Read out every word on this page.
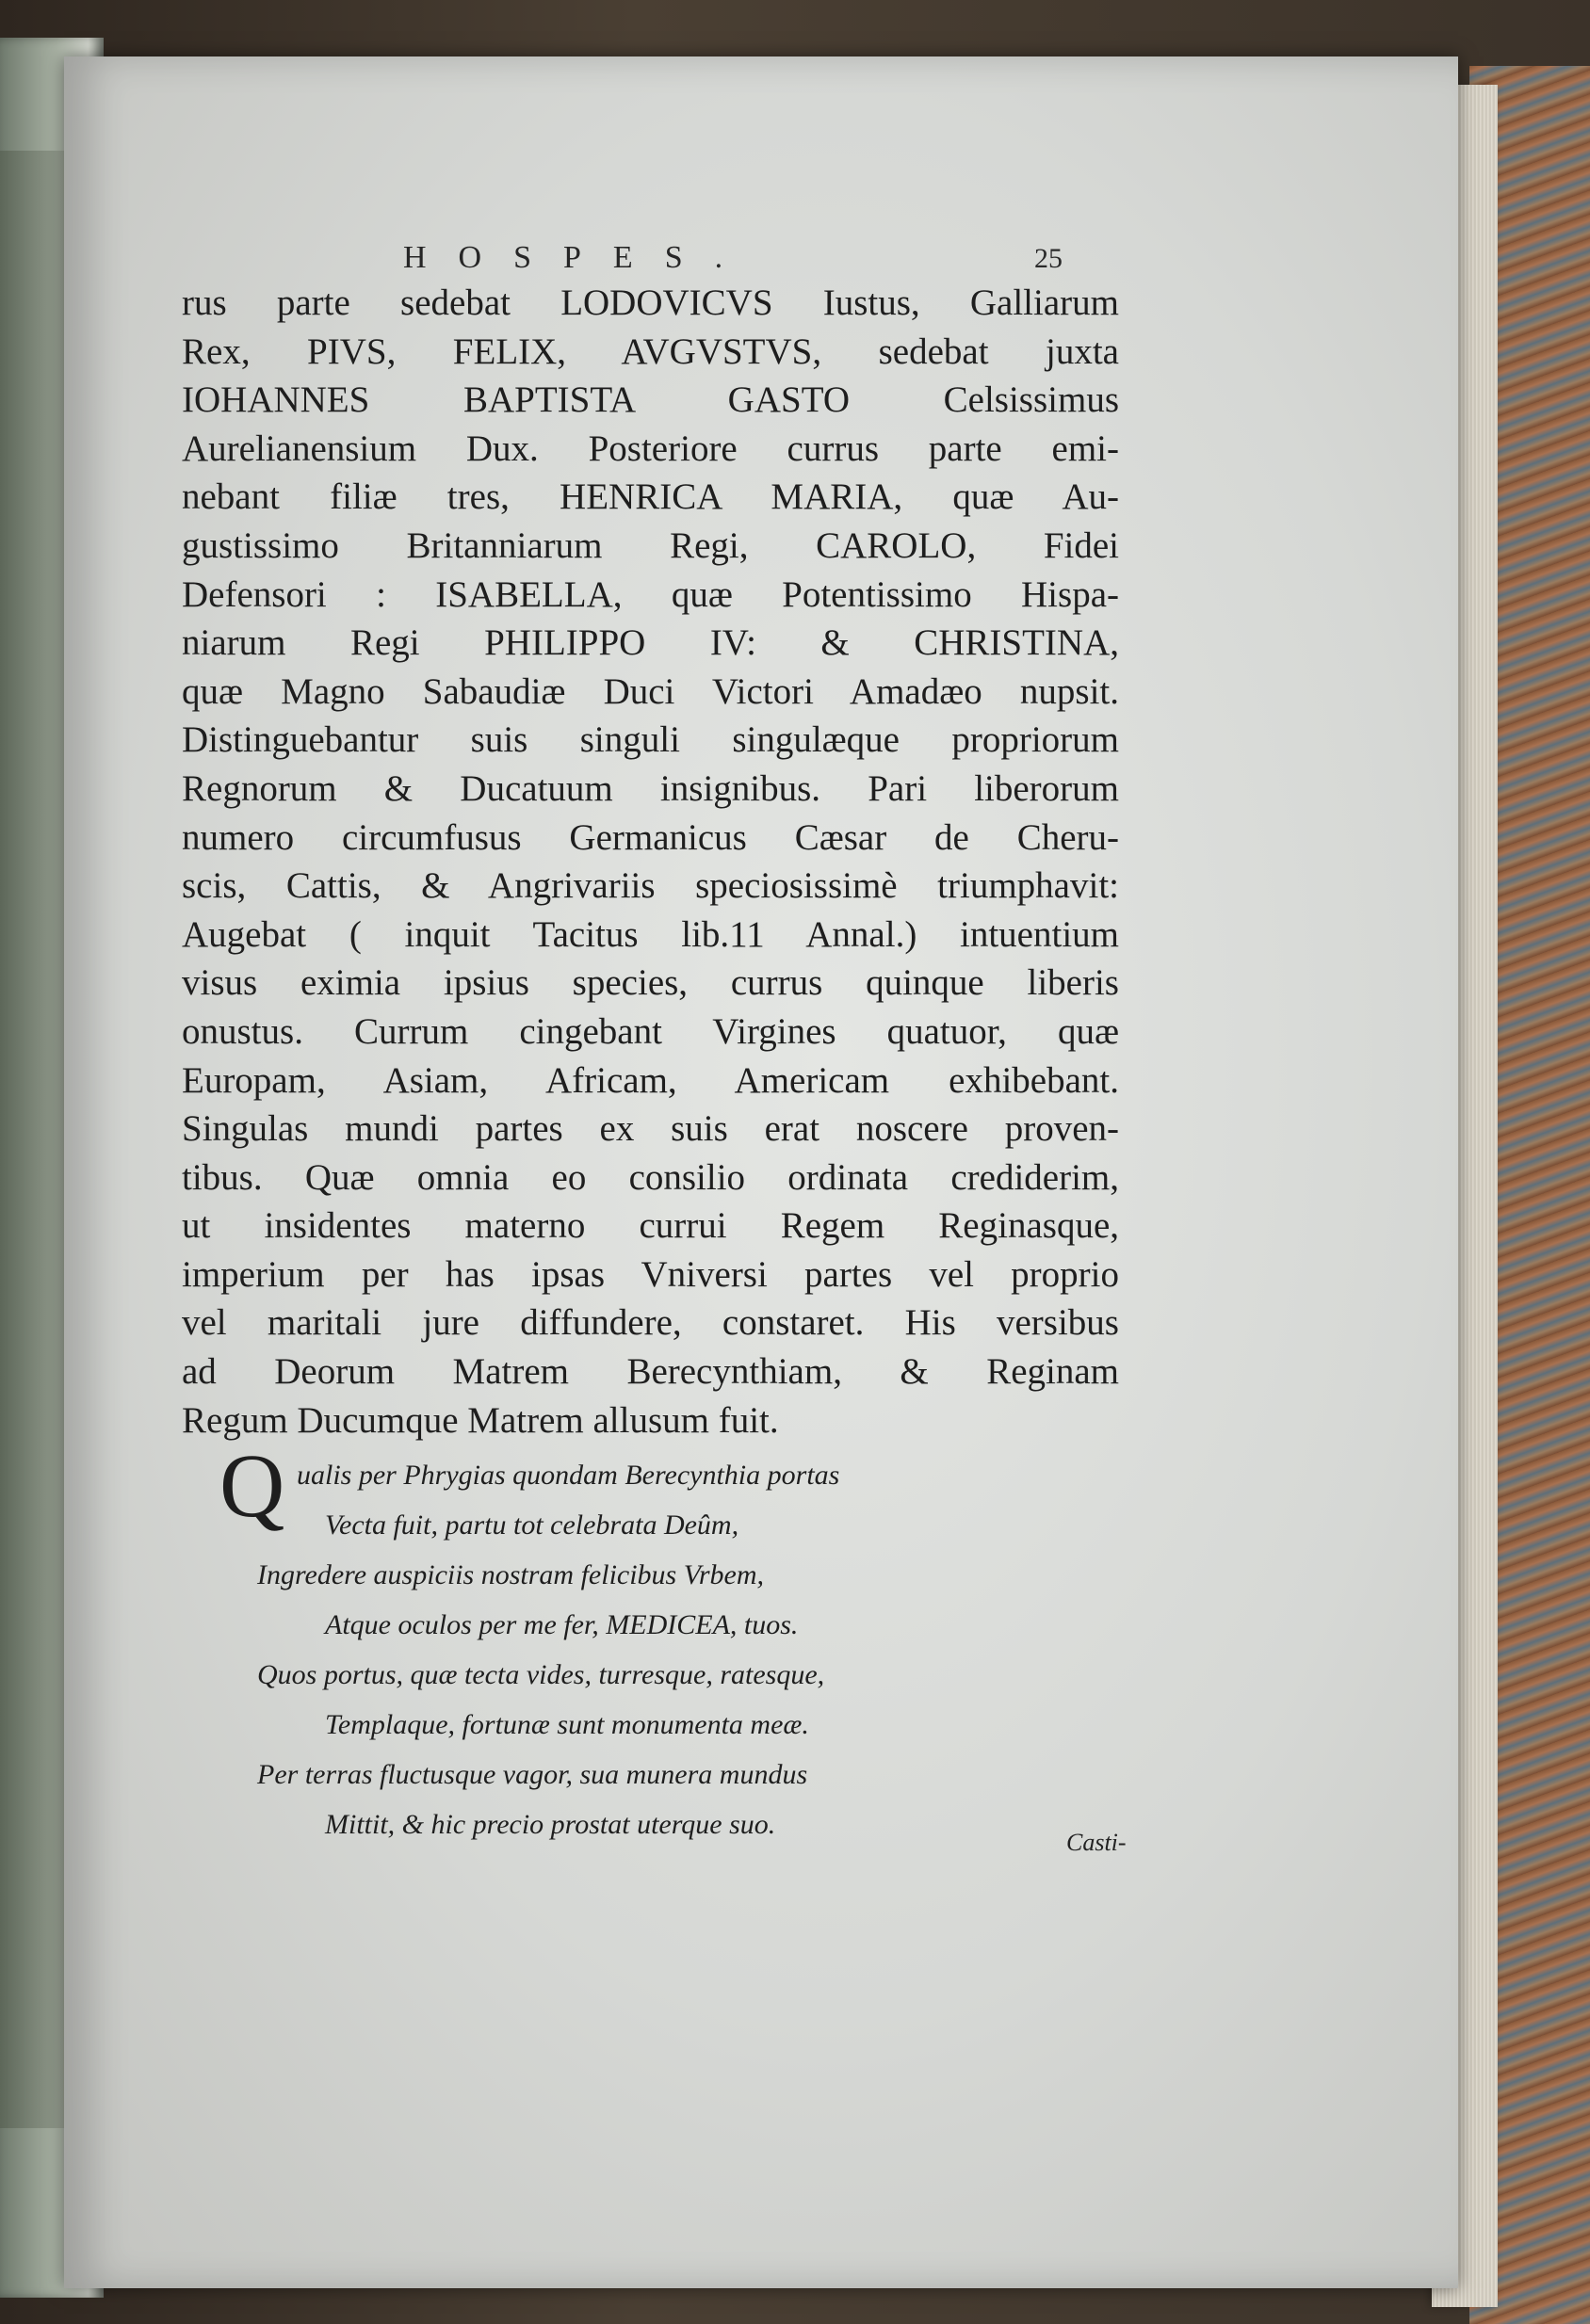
HOSPES.	25
rus parte sedebat LODOVICVS Iustus, Galliarum
Rex, PIVS, FELIX, AVGVSTVS, sedebat juxta
IOHANNES BAPTISTA GASTO Celsissimus
Aurelianensium Dux. Posteriore currus parte emi-
nebant filiæ tres, HENRICA MARIA, quæ Au-
gustissimo Britanniarum Regi, CAROLO, Fidei
Defensori : ISABELLA, quæ Potentissimo Hispa-
niarum Regi PHILIPPO IV: & CHRISTINA,
quæ Magno Sabaudiæ Duci Victori Amadæo nupsit.
Distinguebantur suis singuli singulæque propriorum
Regnorum & Ducatuum insignibus. Pari liberorum
numero circumfusus Germanicus Cæsar de Cheru-
scis, Cattis, & Angrivariis speciosissimè triumphavit:
Augebat ( inquit Tacitus lib.11 Annal.) intuentium
visus eximia ipsius species, currus quinque liberis
onustus. Currum cingebant Virgines quatuor, quæ
Europam, Asiam, Africam, Americam exhibebant.
Singulas mundi partes ex suis erat noscere proven-
tibus. Quæ omnia eo consilio ordinata crediderim,
ut insidentes materno currui Regem Reginasque,
imperium per has ipsas Vniversi partes vel proprio
vel maritali jure diffundere, constaret. His versibus
ad Deorum Matrem Berecynthiam, & Reginam
Regum Ducumque Matrem allusum fuit.
Q ualis per Phrygias quondam Berecynthia portas
Vecta fuit, partu tot celebrata Deûm,
Ingredere auspiciis nostram felicibus Vrbem,
Atque oculos per me fer, MEDICEA, tuos.
Quos portus, quæ tecta vides, turresque, ratesque,
Templaque, fortunæ sunt monumenta meæ.
Per terras fluctusque vagor, sua munera mundus
Mittit, & hic precio prostat uterque suo.
Casti-
